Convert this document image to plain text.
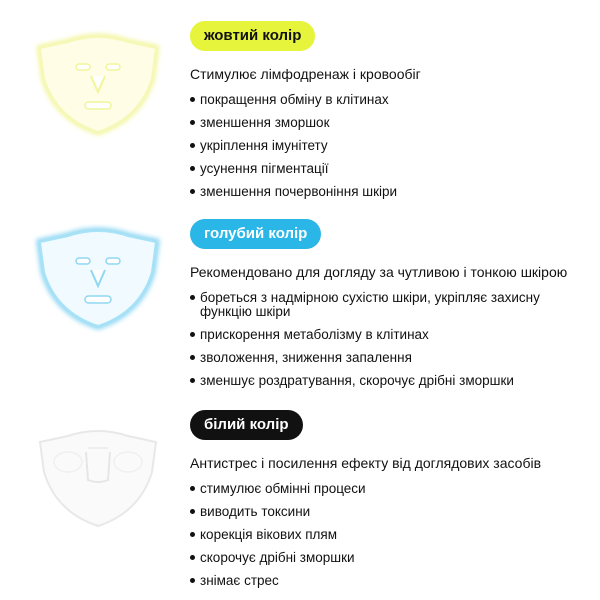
жовтий колір
Стимулює лімфодренаж і кровообіг
покращення обміну в клітинах
зменшення зморшок
укріплення імунітету
усунення пігментації
зменшення почервоніння шкіри
голубий колір
Рекомендовано для догляду за чутливою і тонкою шкірою
бореться з надмірною сухістю шкіри, укріпляє захисну функцію шкіри
прискорення метаболізму в клітинах
зволоження, зниження запалення
зменшує роздратування, скорочує дрібні зморшки
білий колір
Антистрес і посилення ефекту від доглядових засобів
стимулює обмінні процеси
виводить токсини
корекція вікових плям
скорочує дрібні зморшки
знімає стрес
